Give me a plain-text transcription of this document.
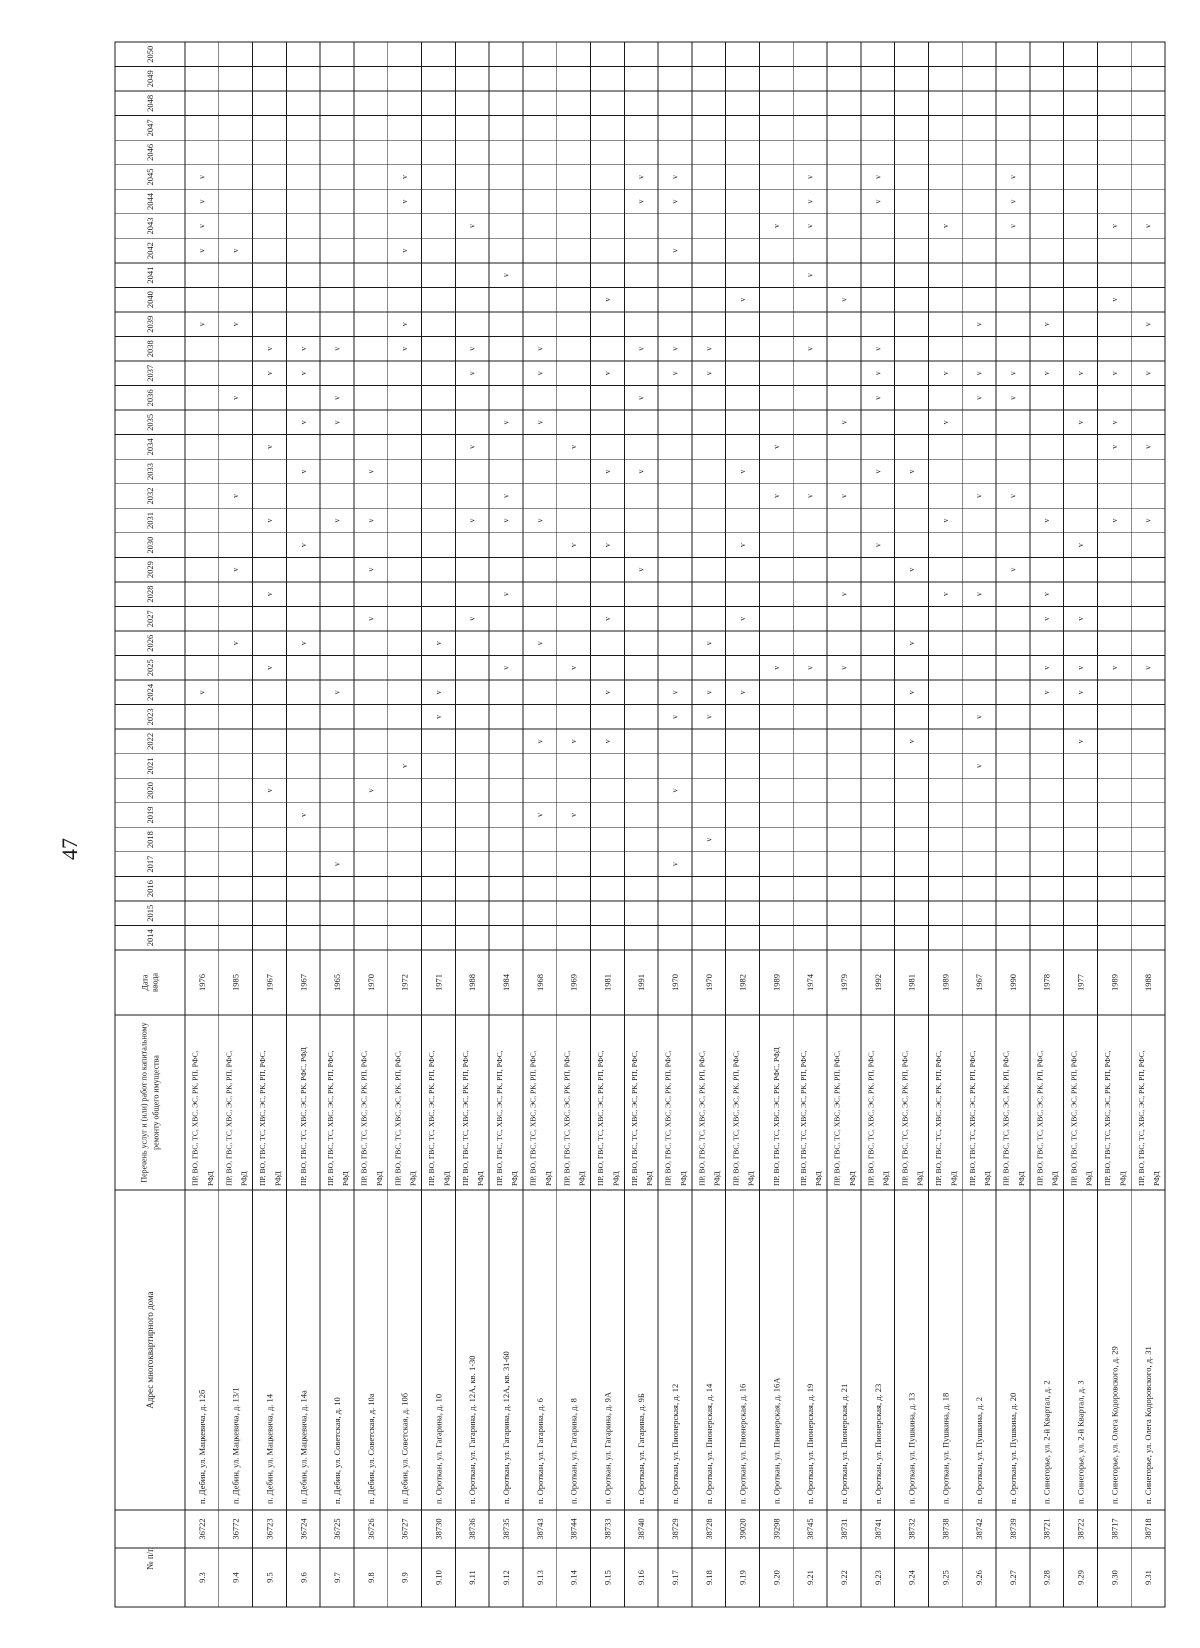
47
№ п/п
Адрес многоквартирного дома
Перечень услуг и (или) работ по капитальному ремонту общего имущества
Дата ввода
2014
2015
2016
2017
2018
2019
2020
2021
2022
2023
2024
2025
2026
2027
2028
2029
2030
2031
2032
2033
2034
2035
2036
2037
2038
2039
2040
2041
2042
2043
2044
2045
2046
2047
2048
2049
2050
9.3
36722
п. Дебин, ул. Мацкевича, д. 12б
ПР, ВО, ГВС, ТС, ХВС, ЭС, РК, РП, РФС, РФД
1976
v
v
v
v
v
v
9.4
36772
п. Дебин, ул. Мацкевича, д. 13/1
ПР, ВО, ГВС, ТС, ХВС, ЭС, РК, РП, РФС, РФД
1985
v
v
v
v
v
v
9.5
36723
п. Дебин, ул. Мацкевича, д. 14
ПР, ВО, ГВС, ТС, ХВС, ЭС, РК, РП, РФС, РФД
1967
v
v
v
v
v
v
v
9.6
36724
п. Дебин, ул. Мацкевича, д. 14а
ПР, ВО, ГВС, ТС, ХВС, ЭС, РК, РФС, РФД
1967
v
v
v
v
v
v
v
9.7
36725
п. Дебин, ул. Советская, д. 10
ПР, ВО, ГВС, ТС, ХВС, ЭС, РК, РП, РФС, РФД
1965
v
v
v
v
v
v
9.8
36726
п. Дебин, ул. Советская, д. 10а
ПР, ВО, ГВС, ТС, ХВС, ЭС, РК, РП, РФС, РФД
1970
v
v
v
v
v
9.9
36727
п. Дебин, ул. Советская, д. 10б
ПР, ВО, ГВС, ТС, ХВС, ЭС, РК, РП, РФС, РФД
1972
v
v
v
v
v
v
9.10
38730
п. Ороткан, ул. Гагарина, д. 10
ПР, ВО, ГВС, ТС, ХВС, ЭС, РК, РП, РФС, РФД
1971
v
v
v
9.11
38736
п. Ороткан, ул. Гагарина, д. 12А, кв. 1-30
ПР, ВО, ГВС, ТС, ХВС, ЭС, РК, РП, РФС, РФД
1988
v
v
v
v
v
v
9.12
38735
п. Ороткан, ул. Гагарина, д. 12А, кв. 31-60
ПР, ВО, ГВС, ТС, ХВС, ЭС, РК, РП, РФС, РФД
1984
v
v
v
v
v
v
9.13
38743
п. Ороткан, ул. Гагарина, д. 6
ПР, ВО, ГВС, ТС, ХВС, ЭС, РК, РП, РФС, РФД
1968
v
v
v
v
v
v
v
9.14
38744
п. Ороткан, ул. Гагарина, д. 8
ПР, ВО, ГВС, ТС, ХВС, ЭС, РК, РП, РФС, РФД
1969
v
v
v
v
v
9.15
38733
п. Ороткан, ул. Гагарина, д. 9А
ПР, ВО, ГВС, ТС, ХВС, ЭС, РК, РП, РФС, РФД
1981
v
v
v
v
v
v
v
9.16
38740
п. Ороткан, ул. Гагарина, д. 9Б
ПР, ВО, ГВС, ТС, ХВС, ЭС, РК, РП, РФС, РФД
1991
v
v
v
v
v
v
9.17
38729
п. Ороткан, ул. Пионерская, д. 12
ПР, ВО, ГВС, ТС, ХВС, ЭС, РК, РП, РФС, РФД
1970
v
v
v
v
v
v
v
v
v
9.18
38728
п. Ороткан, ул. Пионерская, д. 14
ПР, ВО, ГВС, ТС, ХВС, ЭС, РК, РП, РФС, РФД
1970
v
v
v
v
v
v
9.19
39020
п. Ороткан, ул. Пионерская, д. 16
ПР, ВО, ГВС, ТС, ХВС, ЭС, РК, РП, РФС, РФД
1982
v
v
v
v
v
9.20
39298
п. Ороткан, ул. Пионерская, д. 16А
ПР, ВО, ГВС, ТС, ХВС, ЭС, РК, РФС, РФД
1989
v
v
v
v
9.21
38745
п. Ороткан, ул. Пионерская, д. 19
ПР, ВО, ГВС, ТС, ХВС, ЭС, РК, РП, РФС, РФД
1974
v
v
v
v
v
v
v
9.22
38731
п. Ороткан, ул. Пионерская, д. 21
ПР, ВО, ГВС, ТС, ХВС, ЭС, РК, РП, РФС, РФД
1979
v
v
v
v
v
9.23
38741
п. Ороткан, ул. Пионерская, д. 23
ПР, ВО, ГВС, ТС, ХВС, ЭС, РК, РП, РФС, РФД
1992
v
v
v
v
v
v
v
9.24
38732
п. Ороткан, ул. Пушкина, д. 13
ПР, ВО, ГВС, ТС, ХВС, ЭС, РК, РП, РФС, РФД
1981
v
v
v
v
v
9.25
38738
п. Ороткан, ул. Пушкина, д. 18
ПР, ВО, ГВС, ТС, ХВС, ЭС, РК, РП, РФС, РФД
1989
v
v
v
v
v
9.26
38742
п. Ороткан, ул. Пушкина, д. 2
ПР, ВО, ГВС, ТС, ХВС, ЭС, РК, РП, РФС, РФД
1967
v
v
v
v
v
v
v
9.27
38739
п. Ороткан, ул. Пушкина, д. 20
ПР, ВО, ГВС, ТС, ХВС, ЭС, РК, РП, РФС, РФД
1990
v
v
v
v
v
v
v
9.28
38721
п. Синегорье, ул. 2-й Квартал, д. 2
ПР, ВО, ГВС, ТС, ХВС, ЭС, РК, РП, РФС, РФД
1978
v
v
v
v
v
v
v
9.29
38722
п. Синегорье, ул. 2-й Квартал, д. 3
ПР, ВО, ГВС, ТС, ХВС, ЭС, РК, РП, РФС, РФД
1977
v
v
v
v
v
v
v
9.30
38717
п. Синегорье, ул. Олега Кодоровского, д. 29
ПР, ВО, ГВС, ТС, ХВС, ЭС, РК, РП, РФС, РФД
1989
v
v
v
v
v
v
v
9.31
38718
п. Синегорье, ул. Олега Кодоровского, д. 31
ПР, ВО, ГВС, ТС, ХВС, ЭС, РК, РП, РФС, РФД
1988
v
v
v
v
v
v
